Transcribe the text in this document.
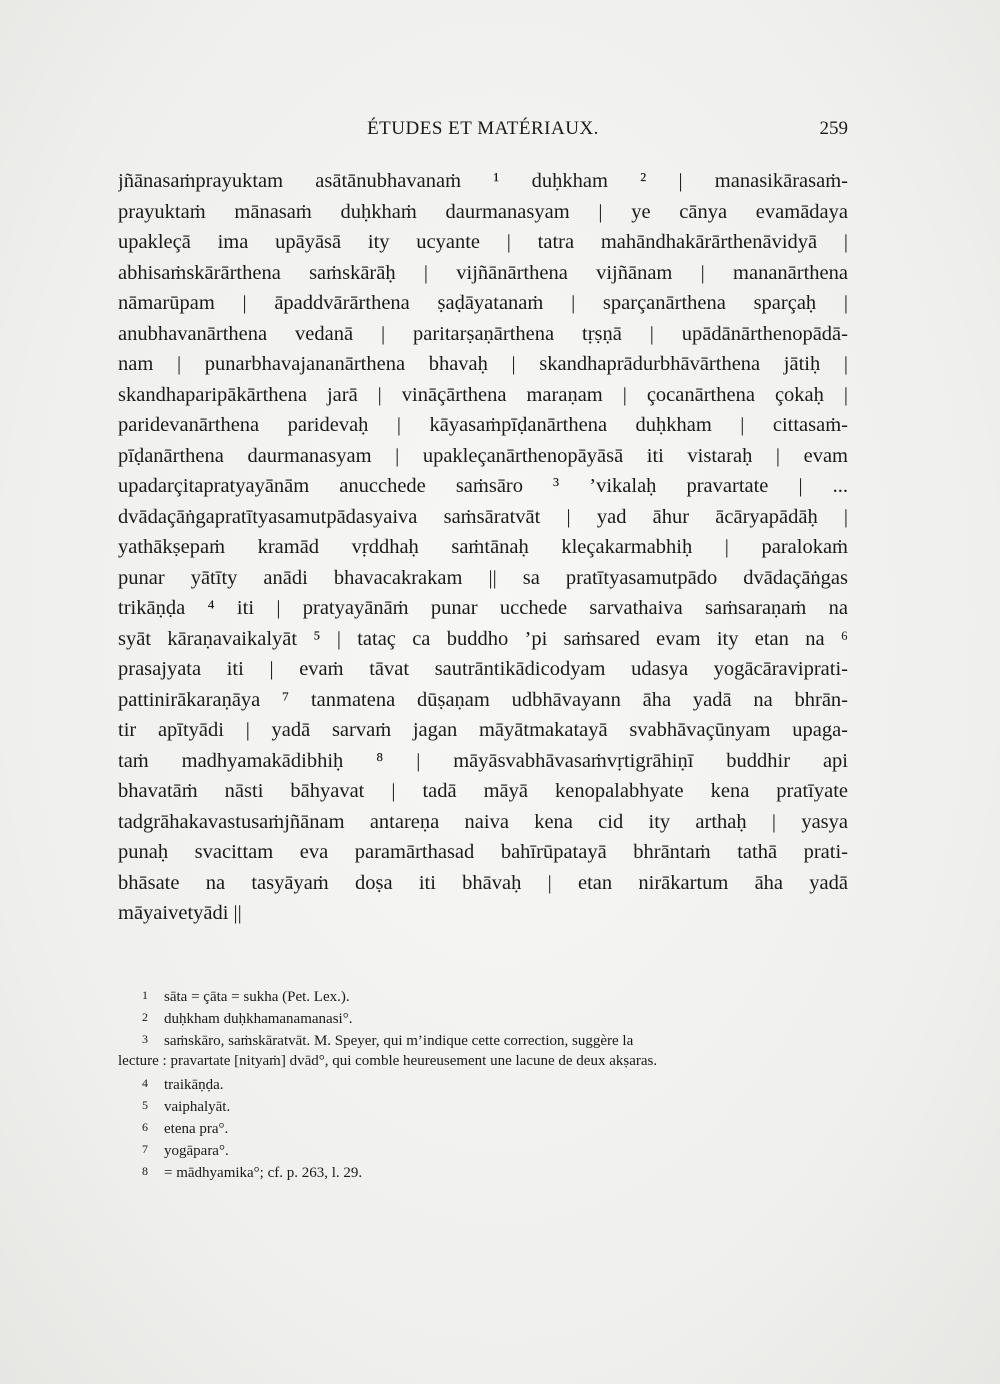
ÉTUDES ET MATÉRIAUX.	259
jñānasaṁprayuktam asātānubhavanaṁ ¹ duḥkham ² | manasikārasaṁ-
prayuktaṁ mānasaṁ duḥkhaṁ daurmanasyam | ye cānya evamādaya
upakleçā ima upāyāsā ity ucyante | tatra mahāndhakārārthenāvidyā |
abhisaṁskārārthena saṁskārāḥ | vijñānārthena vijñānam | mananārthena
nāmarūpam | āpaddvārārthena ṣaḍāyatanaṁ | sparçanārthena sparçaḥ |
anubhavanārthena vedanā | paritarṣaṇārthena tṛṣṇā | upādānārthenopādā-
nam | punarbhavajananārthena bhavaḥ | skandhaprādurbhāvārthena jātiḥ |
skandhaparipākārthena jarā | vināçārthena maraṇam | çocanārthena çokaḥ |
paridevanārthena paridevaḥ | kāyasaṁpīḍanārthena duḥkham | cittasaṁ-
pīḍanārthena daurmanasyam | upakleçanārthenopāyāsā iti vistaraḥ | evam
upadarçitapratyayānām anucchede saṁsāro ³ ’vikalaḥ pravartate | ...
dvādaçāṅgapratītyasamutpādasyaiva saṁsāratvāt | yad āhur ācāryapādāḥ |
yathākṣepaṁ kramād vṛddhaḥ saṁtānaḥ kleçakarmabhiḥ | paralokaṁ
punar yātīty anādi bhavacakrakam || sa pratītyasamutpādo dvādaçāṅgas
trikāṇḍa ⁴ iti | pratyayānāṁ punar ucchede sarvathaiva saṁsaraṇaṁ na
syāt kāraṇavaikalyāt ⁵ | tataç ca buddho ’pi saṁsared evam ity etan na ⁶
prasajyata iti | evaṁ tāvat sautrāntikādicodyam udasya yogācāraviprati-
pattinirākaraṇāya ⁷ tanmatena dūṣaṇam udbhāvayann āha yadā na bhrān-
tir apītyādi | yadā sarvaṁ jagan māyātmakatayā svabhāvaçūnyam upaga-
taṁ madhyamakādibhiḥ ⁸ | māyāsvabhāvasaṁvṛtigrāhiṇī buddhir api
bhavatāṁ nāsti bāhyavat | tadā māyā kenopalabhyate kena pratīyate
tadgrāhakavastusaṁjñānam antareṇa naiva kena cid ity arthaḥ | yasya
punaḥ svacittam eva paramārthasad bahīrūpatayā bhrāntaṁ tathā prati-
bhāsate na tasyāyaṁ doṣa iti bhāvaḥ | etan nirākartum āha yadā
māyaivetyādi ||
1 sāta = çāta = sukha (Pet. Lex.).
2 duḥkham duḥkhamanamanasi°.
3 saṁskāro, saṁskāratvāt. M. Speyer, qui m’indique cette correction, suggère la
lecture : pravartate [nityaṁ] dvād°, qui comble heureusement une lacune de deux akṣaras.
4 traikāṇḍa.
5 vaiphalyāt.
6 etena pra°.
7 yogāpara°.
8 = mādhyamika°; cf. p. 263, l. 29.
